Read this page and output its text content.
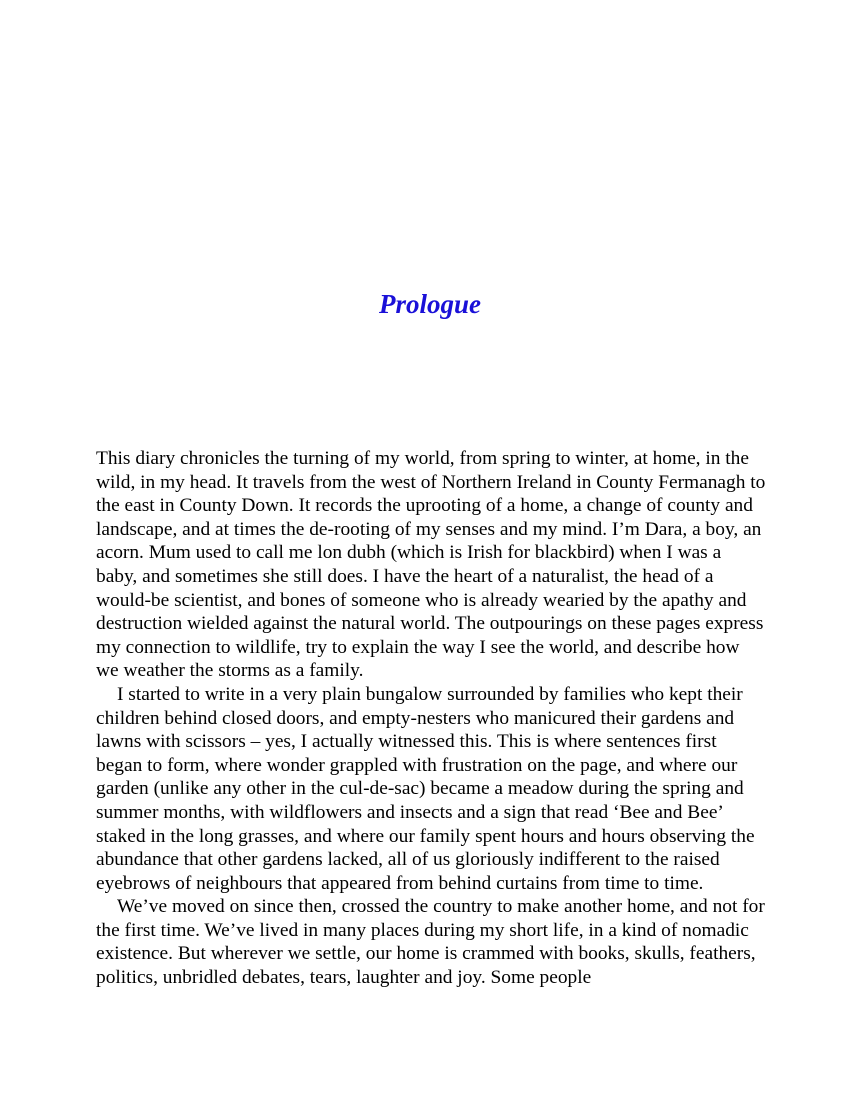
Prologue

This diary chronicles the turning of my world, from spring to winter, at home, in the wild, in my head. It travels from the west of Northern Ireland in County Fermanagh to the east in County Down. It records the uprooting of a home, a change of county and landscape, and at times the de-rooting of my senses and my mind. I’m Dara, a boy, an acorn. Mum used to call me lon dubh (which is Irish for blackbird) when I was a baby, and sometimes she still does. I have the heart of a naturalist, the head of a would-be scientist, and bones of someone who is already wearied by the apathy and destruction wielded against the natural world. The outpourings on these pages express my connection to wildlife, try to explain the way I see the world, and describe how we weather the storms as a family.

I started to write in a very plain bungalow surrounded by families who kept their children behind closed doors, and empty-nesters who manicured their gardens and lawns with scissors – yes, I actually witnessed this. This is where sentences first began to form, where wonder grappled with frustration on the page, and where our garden (unlike any other in the cul-de-sac) became a meadow during the spring and summer months, with wildflowers and insects and a sign that read ‘Bee and Bee’ staked in the long grasses, and where our family spent hours and hours observing the abundance that other gardens lacked, all of us gloriously indifferent to the raised eyebrows of neighbours that appeared from behind curtains from time to time.

We’ve moved on since then, crossed the country to make another home, and not for the first time. We’ve lived in many places during my short life, in a kind of nomadic existence. But wherever we settle, our home is crammed with books, skulls, feathers, politics, unbridled debates, tears, laughter and joy. Some people
